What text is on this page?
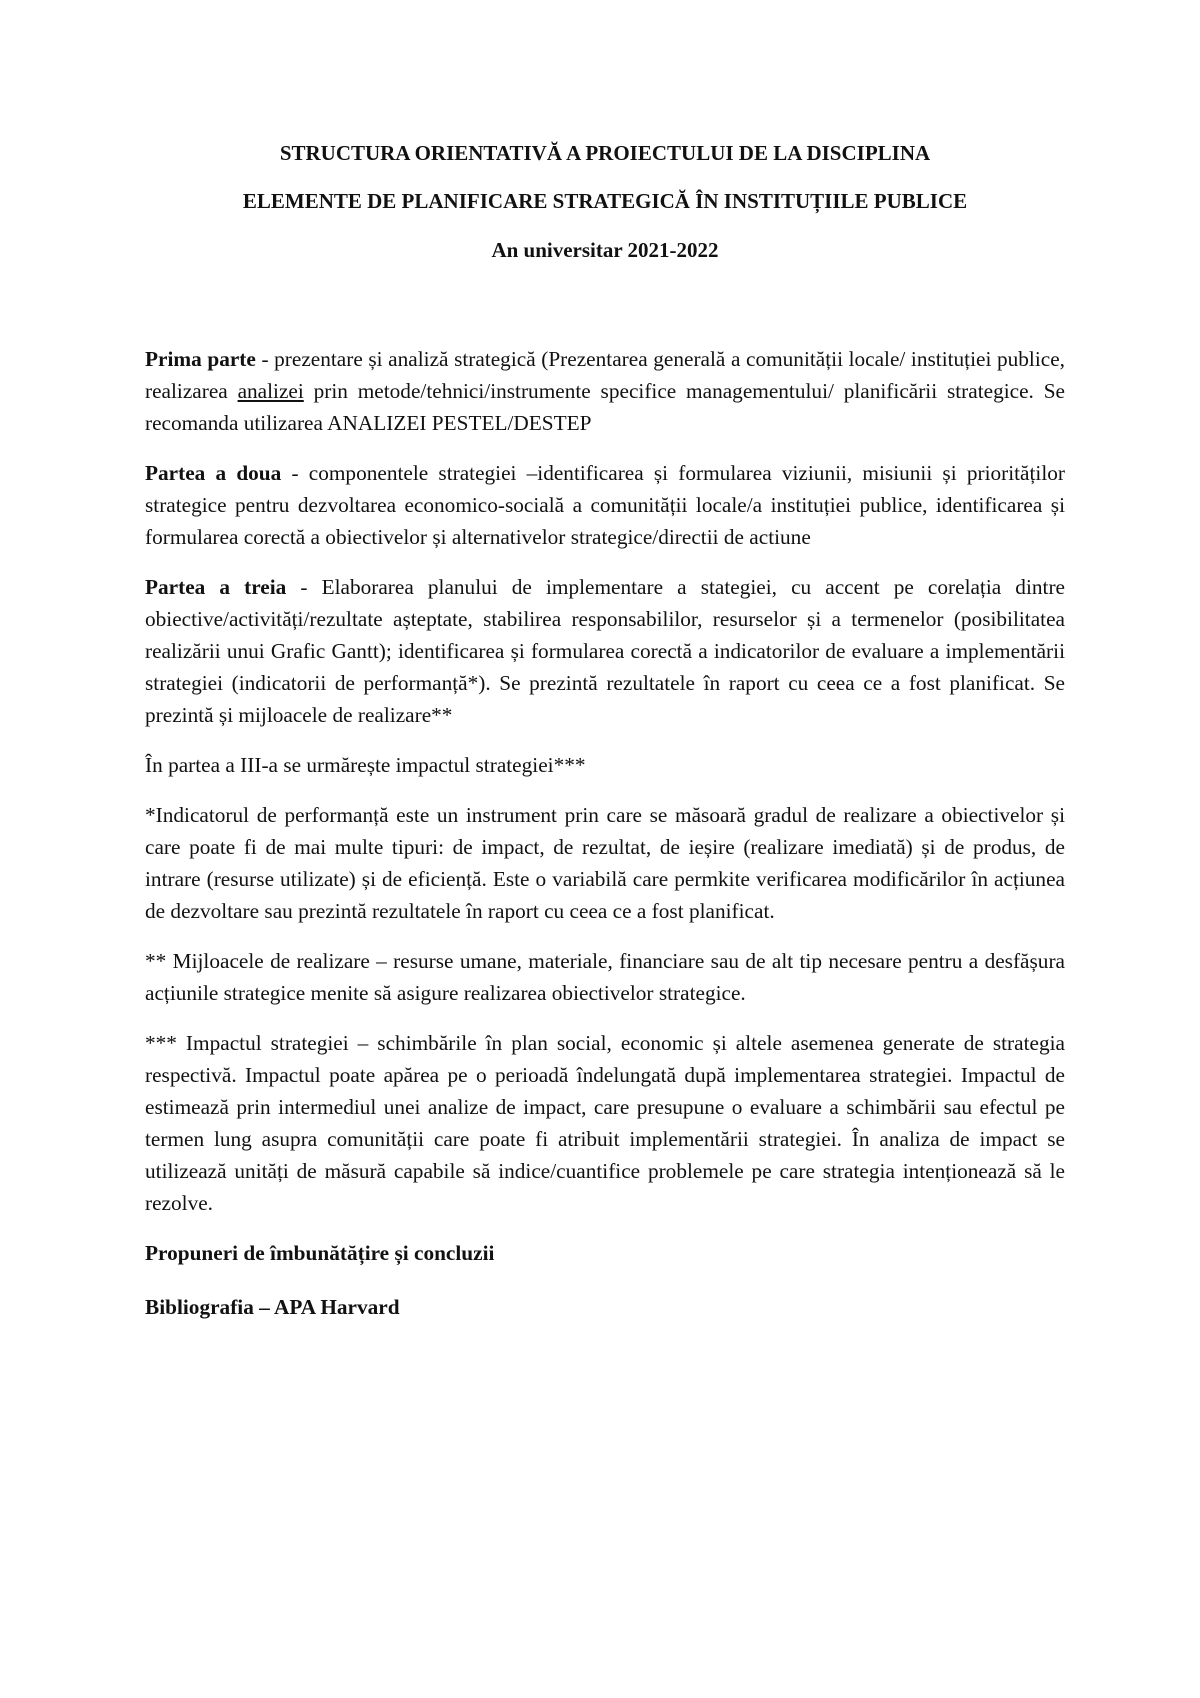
STRUCTURA ORIENTATIVĂ A PROIECTULUI DE LA DISCIPLINA

ELEMENTE DE PLANIFICARE STRATEGICĂ ÎN INSTITUȚIILE PUBLICE

An universitar 2021-2022

Prima parte - prezentare și analiză strategică (Prezentarea generală a comunității locale/ instituției publice, realizarea analizei prin metode/tehnici/instrumente specifice managementului/ planificării strategice. Se recomanda utilizarea ANALIZEI PESTEL/DESTEP

Partea a doua - componentele strategiei –identificarea și formularea viziunii, misiunii și priorităților strategice pentru dezvoltarea economico-socială a comunității locale/a instituției publice, identificarea și formularea corectă a obiectivelor și alternativelor strategice/directii de actiune

Partea a treia - Elaborarea planului de implementare a stategiei, cu accent pe corelația dintre obiective/activități/rezultate așteptate, stabilirea responsabililor, resurselor și a termenelor (posibilitatea realizării unui Grafic Gantt); identificarea și formularea corectă a indicatorilor de evaluare a implementării strategiei (indicatorii de performanță*). Se prezintă rezultatele în raport cu ceea ce a fost planificat. Se prezintă și mijloacele de realizare**

În partea a III-a se urmărește impactul strategiei***

*Indicatorul de performanță este un instrument prin care se măsoară gradul de realizare a obiectivelor și care poate fi de mai multe tipuri: de impact, de rezultat, de ieșire (realizare imediată) și de produs, de intrare (resurse utilizate) și de eficiență. Este o variabilă care permkite verificarea modificărilor în acțiunea de dezvoltare sau prezintă rezultatele în raport cu ceea ce a fost planificat.

** Mijloacele de realizare – resurse umane, materiale, financiare sau de alt tip necesare pentru a desfășura acțiunile strategice menite să asigure realizarea obiectivelor strategice.

*** Impactul strategiei – schimbările în plan social, economic și altele asemenea generate de strategia respectivă. Impactul poate apărea pe o perioadă îndelungată după implementarea strategiei. Impactul de estimează prin intermediul unei analize de impact, care presupune o evaluare a schimbării sau efectul pe termen lung asupra comunității care poate fi atribuit implementării strategiei. În analiza de impact se utilizează unități de măsură capabile să indice/cuantifice problemele pe care strategia intenționează să le rezolve.

Propuneri de îmbunătățire și concluzii

Bibliografia – APA Harvard
